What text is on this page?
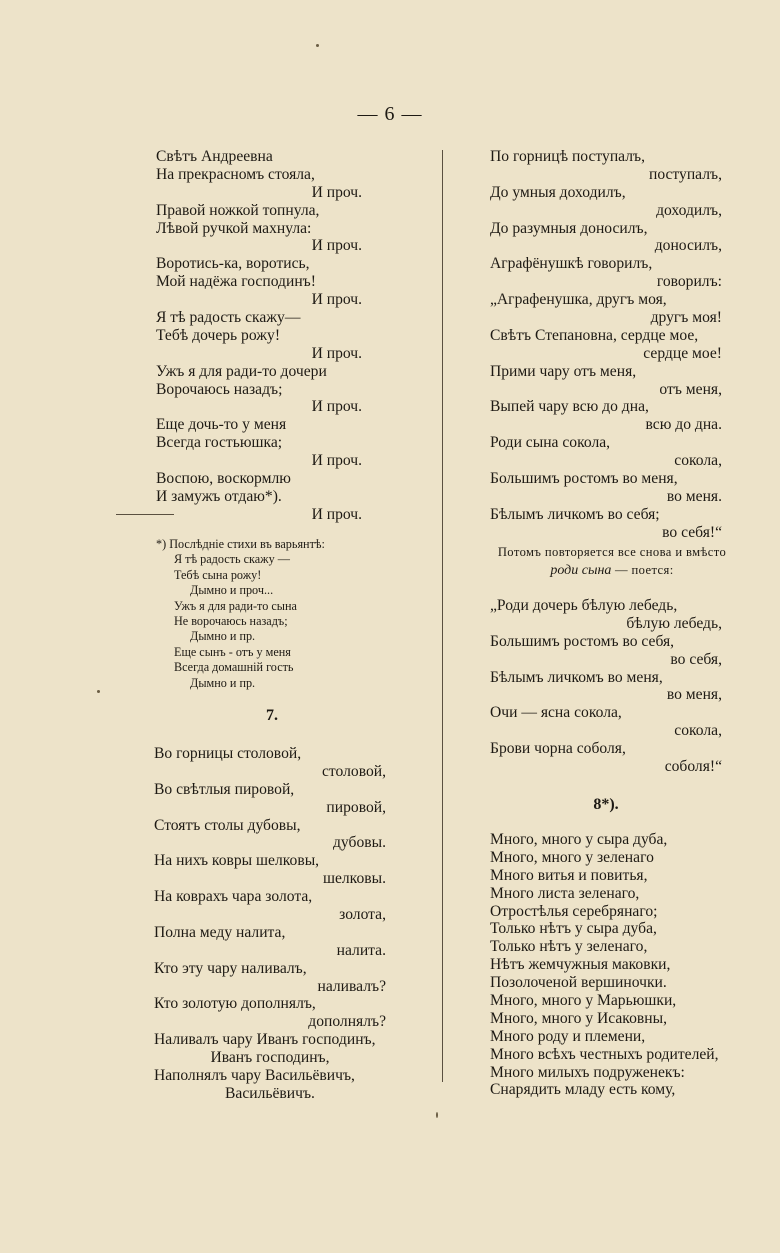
— 6 —
Свѣтъ Андреевна
На прекрасномъ стояла,
И проч.
Правой ножкой топнула,
Лѣвой ручкой махнула:
И проч.
Воротись-ка, воротись,
Мой надёжа господинъ!
И проч.
Я тѣ радость скажу—
Тебѣ дочерь рожу!
И проч.
Ужъ я для ради-то дочери
Ворочаюсь назадъ;
И проч.
Еще дочь-то у меня
Всегда гостьюшка;
И проч.
Воспою, воскормлю
И замужъ отдаю*).
И проч.
*) Послѣдніе стихи въ варьянтѣ:
Я тѣ радость скажу —
Тебѣ сына рожу!
Дымно и проч...
Ужъ я для ради-то сына
Не ворочаюсь назадъ;
Дымно и пр.
Еще сынъ - отъ у меня
Всегда домашній гость
Дымно и пр.
7.
Во горницы столовой,
столовой,
Во свѣтлыя пировой,
пировой,
Стоятъ столы дубовы,
дубовы.
На нихъ ковры шелковы,
шелковы.
На коврахъ чара золота,
золота,
Полна меду налита,
налита.
Кто эту чару наливалъ,
наливалъ?
Кто золотую дополнялъ,
дополнялъ?
Наливалъ чару Иванъ господинъ,
Иванъ господинъ,
Наполнялъ чару Васильёвичъ,
Васильёвичъ.
По горницѣ поступалъ,
поступалъ,
До умныя доходилъ,
доходилъ,
До разумныя доносилъ,
доносилъ,
Аграфёнушкѣ говорилъ,
говорилъ:
„Аграфенушка, другъ моя,
другъ моя!
Свѣтъ Степановна, сердце мое,
сердце мое!
Прими чару отъ меня,
отъ меня,
Выпей чару всю до дна,
всю до дна.
Роди сына сокола,
сокола,
Большимъ ростомъ во меня,
во меня.
Бѣлымъ личкомъ во себя;
во себя!“
Потомъ повторяется все снова и вмѣсто
роди сына — поется:
„Роди дочерь бѣлую лебедь,
бѣлую лебедь,
Большимъ ростомъ во себя,
во себя,
Бѣлымъ личкомъ во меня,
во меня,
Очи — ясна сокола,
сокола,
Брови чорна соболя,
соболя!“
8*).
Много, много у сыра дуба,
Много, много у зеленаго
Много витья и повитья,
Много листа зеленаго,
Отростѣлья серебрянаго;
Только нѣтъ у сыра дуба,
Только нѣтъ у зеленаго,
Нѣтъ жемчужныя маковки,
Позолоченой вершиночки.
Много, много у Марьюшки,
Много, много у Исаковны,
Много роду и племени,
Много всѣхъ честныхъ родителей,
Много милыхъ подруженекъ:
Снарядить младу есть кому,
